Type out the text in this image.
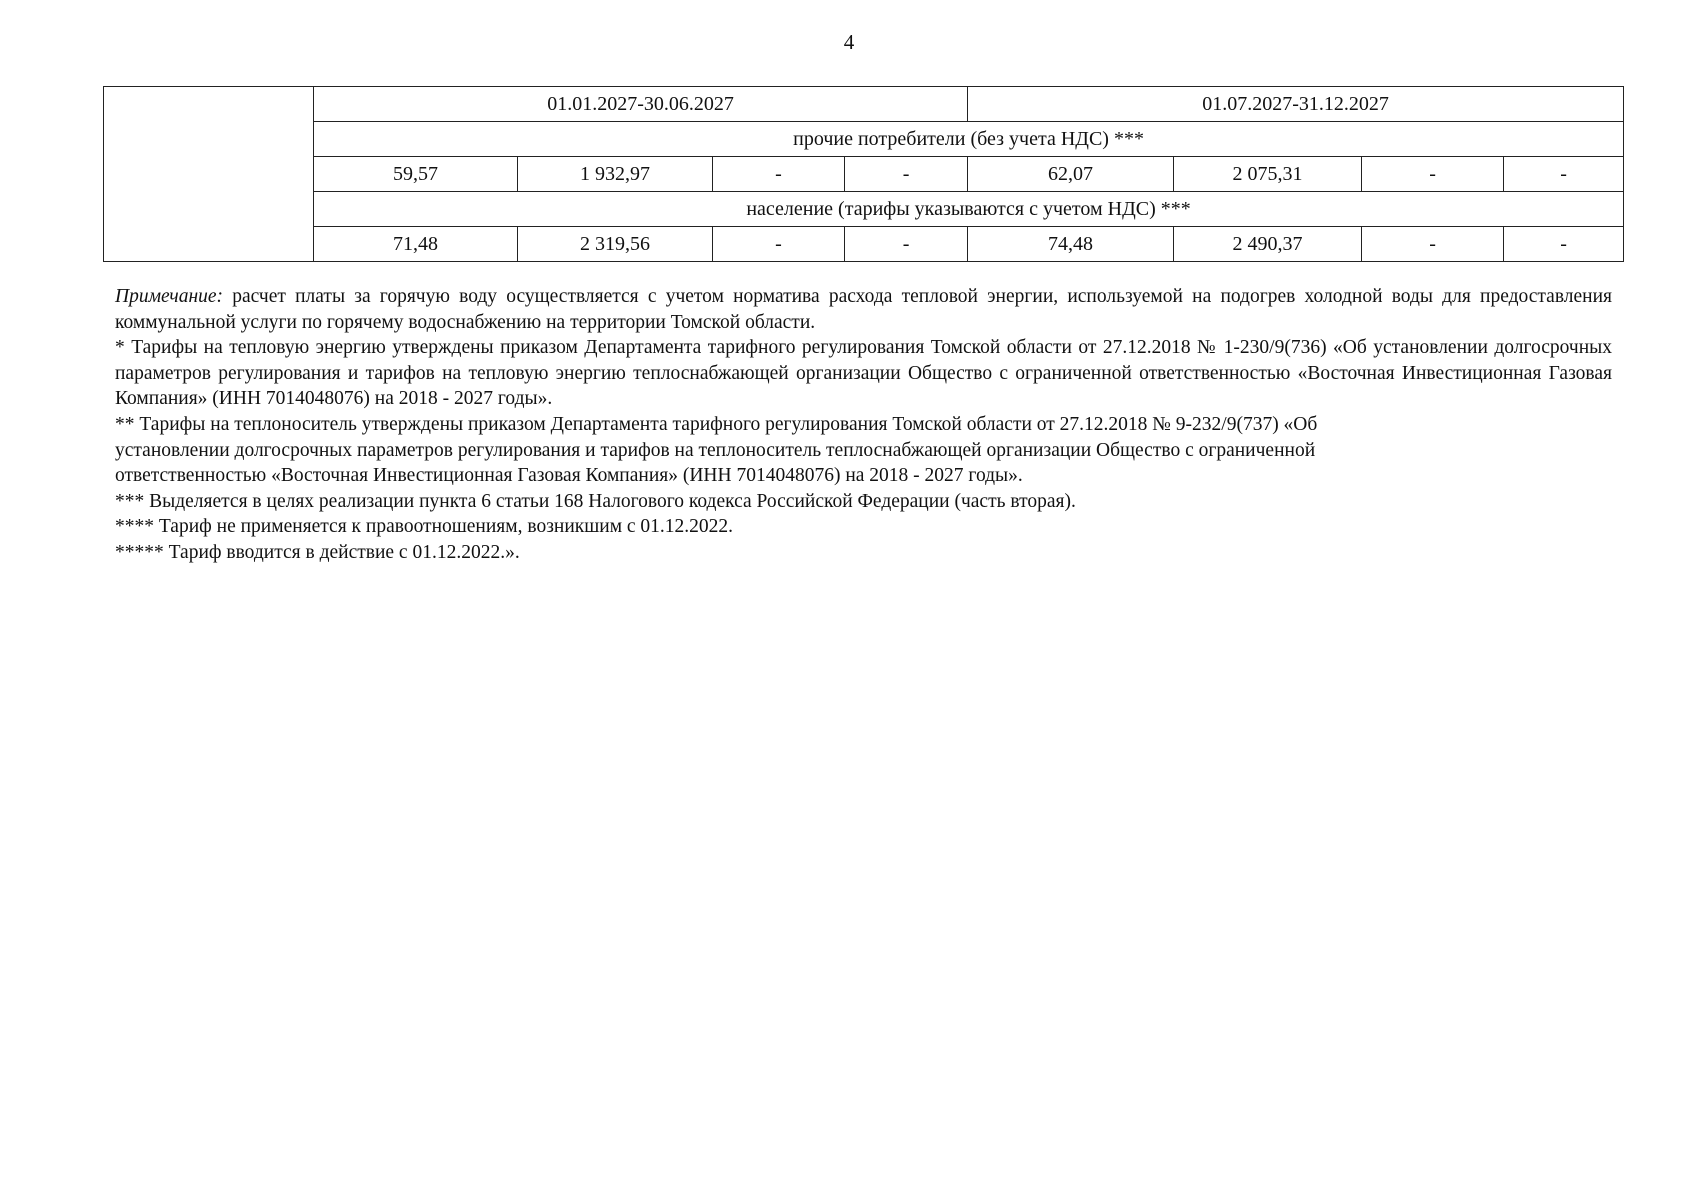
4
	01.01.2027-30.06.2027				01.07.2027-31.12.2027			
	прочие потребители (без учета НДС) ***							
	59,57	1 932,97	-	-	62,07	2 075,31	-	-
	население (тарифы указываются с учетом НДС) ***							
	71,48	2 319,56	-	-	74,48	2 490,37	-	-

Примечание: расчет платы за горячую воду осуществляется с учетом норматива расхода тепловой энергии, используемой на подогрев холодной воды для предоставления коммунальной услуги по горячему водоснабжению на территории Томской области.

* Тарифы на тепловую энергию утверждены приказом Департамента тарифного регулирования Томской области от 27.12.2018 № 1-230/9(736) «Об установлении долгосрочных параметров регулирования и тарифов на тепловую энергию теплоснабжающей организации Общество с ограниченной ответственностью «Восточная Инвестиционная Газовая Компания» (ИНН 7014048076) на 2018 - 2027 годы».

** Тарифы на теплоноситель утверждены приказом Департамента тарифного регулирования Томской области от 27.12.2018 № 9-232/9(737) «Об

установлении долгосрочных параметров регулирования и тарифов на теплоноситель теплоснабжающей организации Общество с ограниченной

ответственностью «Восточная Инвестиционная Газовая Компания» (ИНН 7014048076) на 2018 - 2027 годы».

*** Выделяется в целях реализации пункта 6 статьи 168 Налогового кодекса Российской Федерации (часть вторая).

**** Тариф не применяется к правоотношениям, возникшим с 01.12.2022.

***** Тариф вводится в действие с 01.12.2022.».
